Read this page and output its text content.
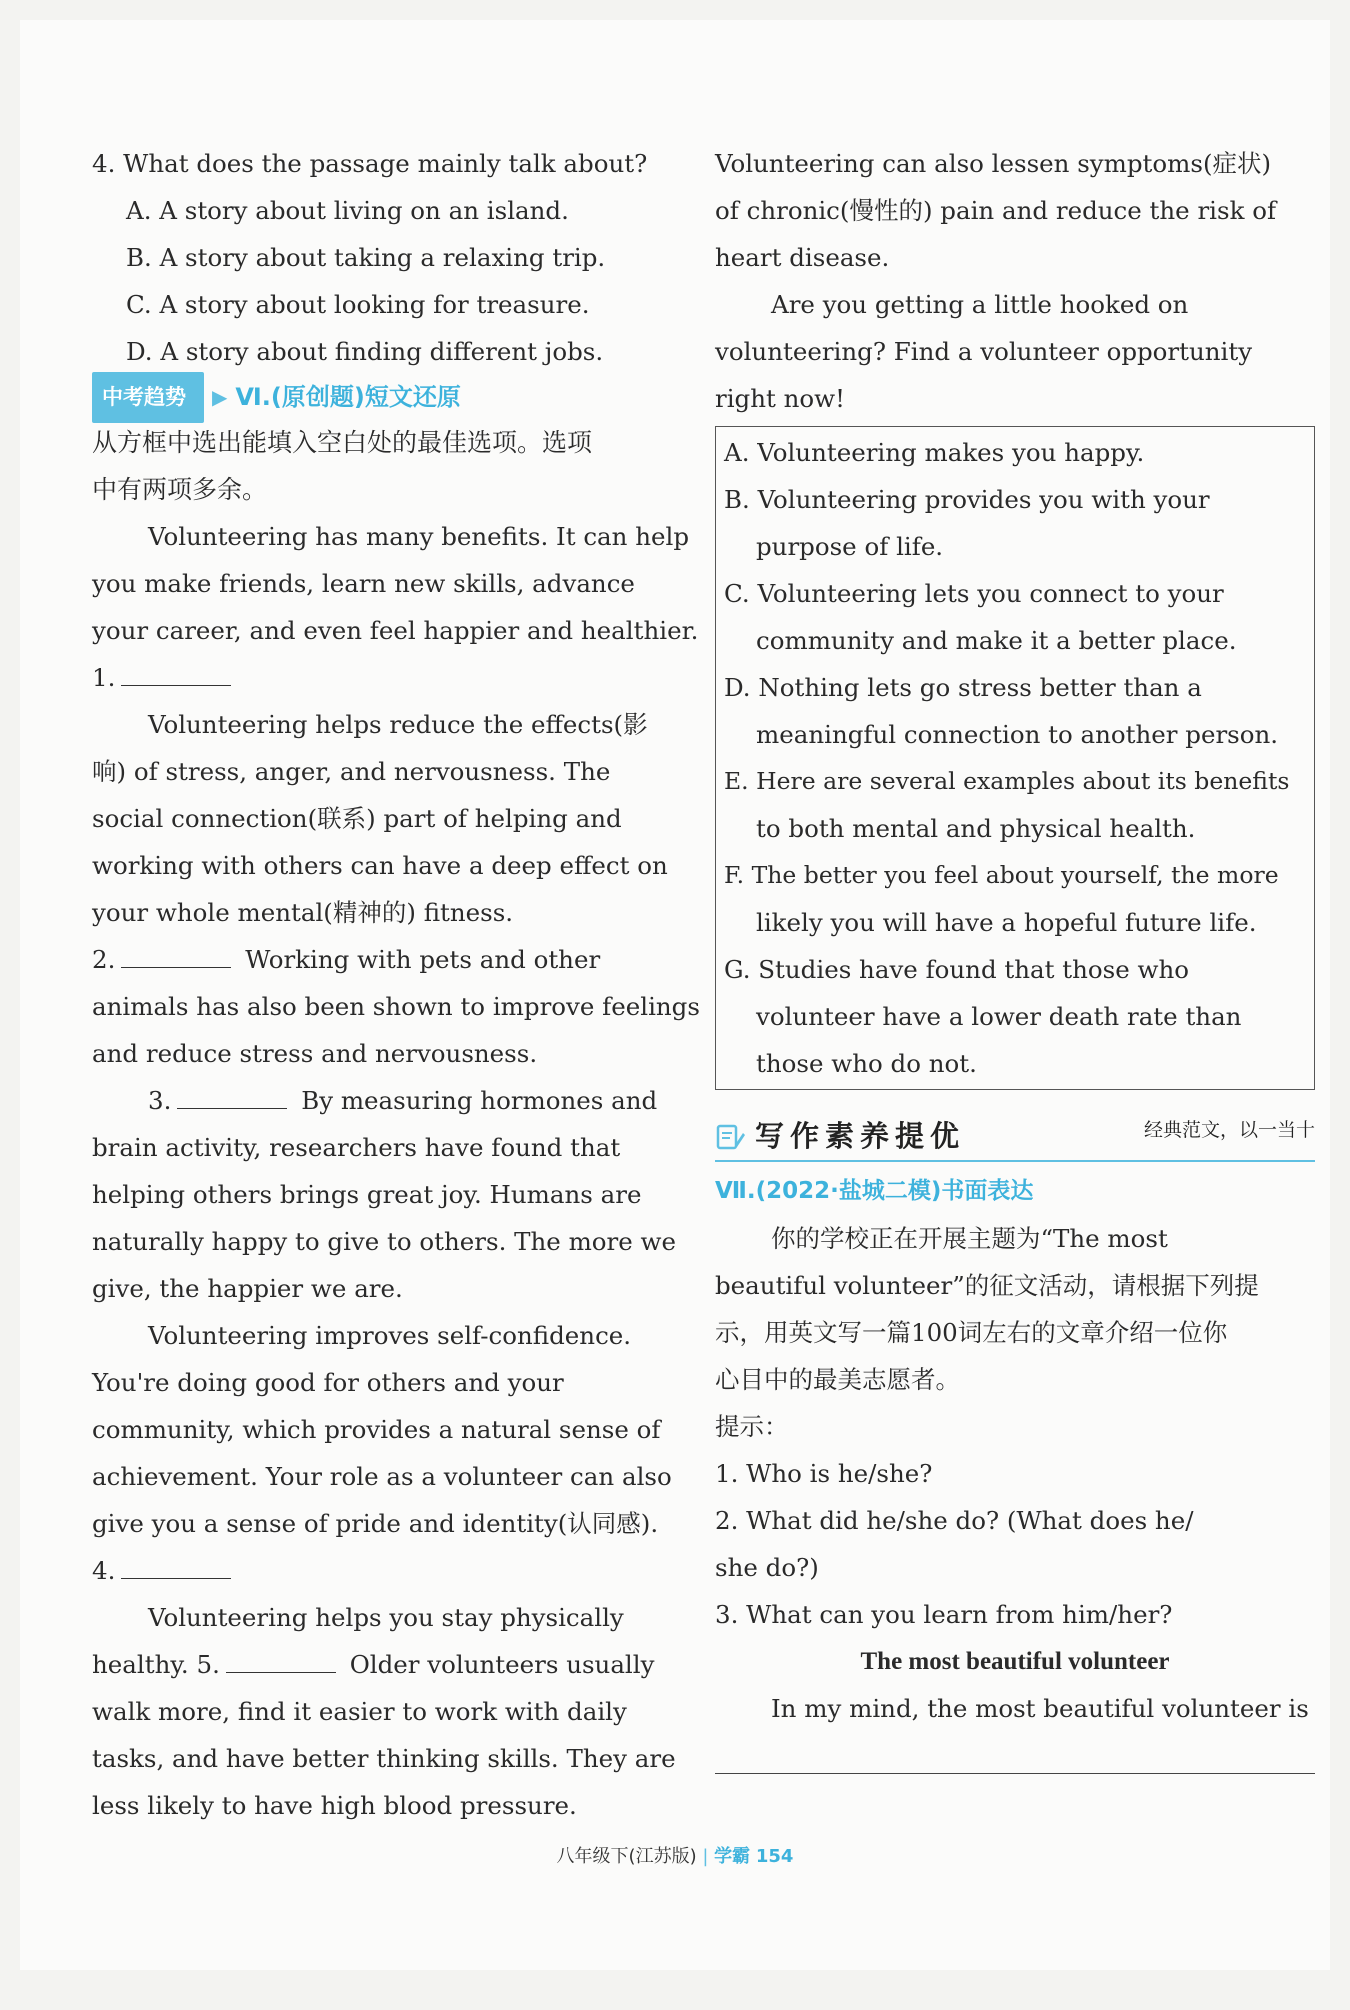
4. What does the passage mainly talk about?
A. A story about living on an island.
B. A story about taking a relaxing trip.
C. A story about looking for treasure.
D. A story about finding different jobs.
中考趋势	▶ Ⅵ.(原创题)短文还原
从方框中选出能填入空白处的最佳选项。选项
中有两项多余。
Volunteering has many benefits. It can help
you make friends, learn new skills, advance
your career, and even feel happier and healthier.
1.
Volunteering helps reduce the effects(影
响) of stress, anger, and nervousness. The
social connection(联系) part of helping and
working with others can have a deep effect on
your whole mental(精神的) fitness.
2.	Working with pets and other
animals has also been shown to improve feelings
and reduce stress and nervousness.
3.	By measuring hormones and
brain activity, researchers have found that
helping others brings great joy. Humans are
naturally happy to give to others. The more we
give, the happier we are.
Volunteering improves self-confidence.
You're doing good for others and your
community, which provides a natural sense of
achievement. Your role as a volunteer can also
give you a sense of pride and identity(认同感).
4.
Volunteering helps you stay physically
healthy. 5.	Older volunteers usually
walk more, find it easier to work with daily
tasks, and have better thinking skills. They are
less likely to have high blood pressure.
Volunteering can also lessen symptoms(症状)
of chronic(慢性的) pain and reduce the risk of
heart disease.
Are you getting a little hooked on
volunteering? Find a volunteer opportunity
right now!
A. Volunteering makes you happy.
B. Volunteering provides you with your
purpose of life.
C. Volunteering lets you connect to your
community and make it a better place.
D. Nothing lets go stress better than a
meaningful connection to another person.
E. Here are several examples about its benefits
to both mental and physical health.
F. The better you feel about yourself, the more
likely you will have a hopeful future life.
G. Studies have found that those who
volunteer have a lower death rate than
those who do not.
写作素养提优	经典范文，以一当十
Ⅶ.(2022·盐城二模)书面表达
你的学校正在开展主题为“The most
beautiful volunteer”的征文活动，请根据下列提
示，用英文写一篇100词左右的文章介绍一位你
心目中的最美志愿者。
提示：
1. Who is he/she?
2. What did he/she do? (What does he/
she do?)
3. What can you learn from him/her?
The most beautiful volunteer
In my mind, the most beautiful volunteer is
八年级下(江苏版) | 学霸 154
